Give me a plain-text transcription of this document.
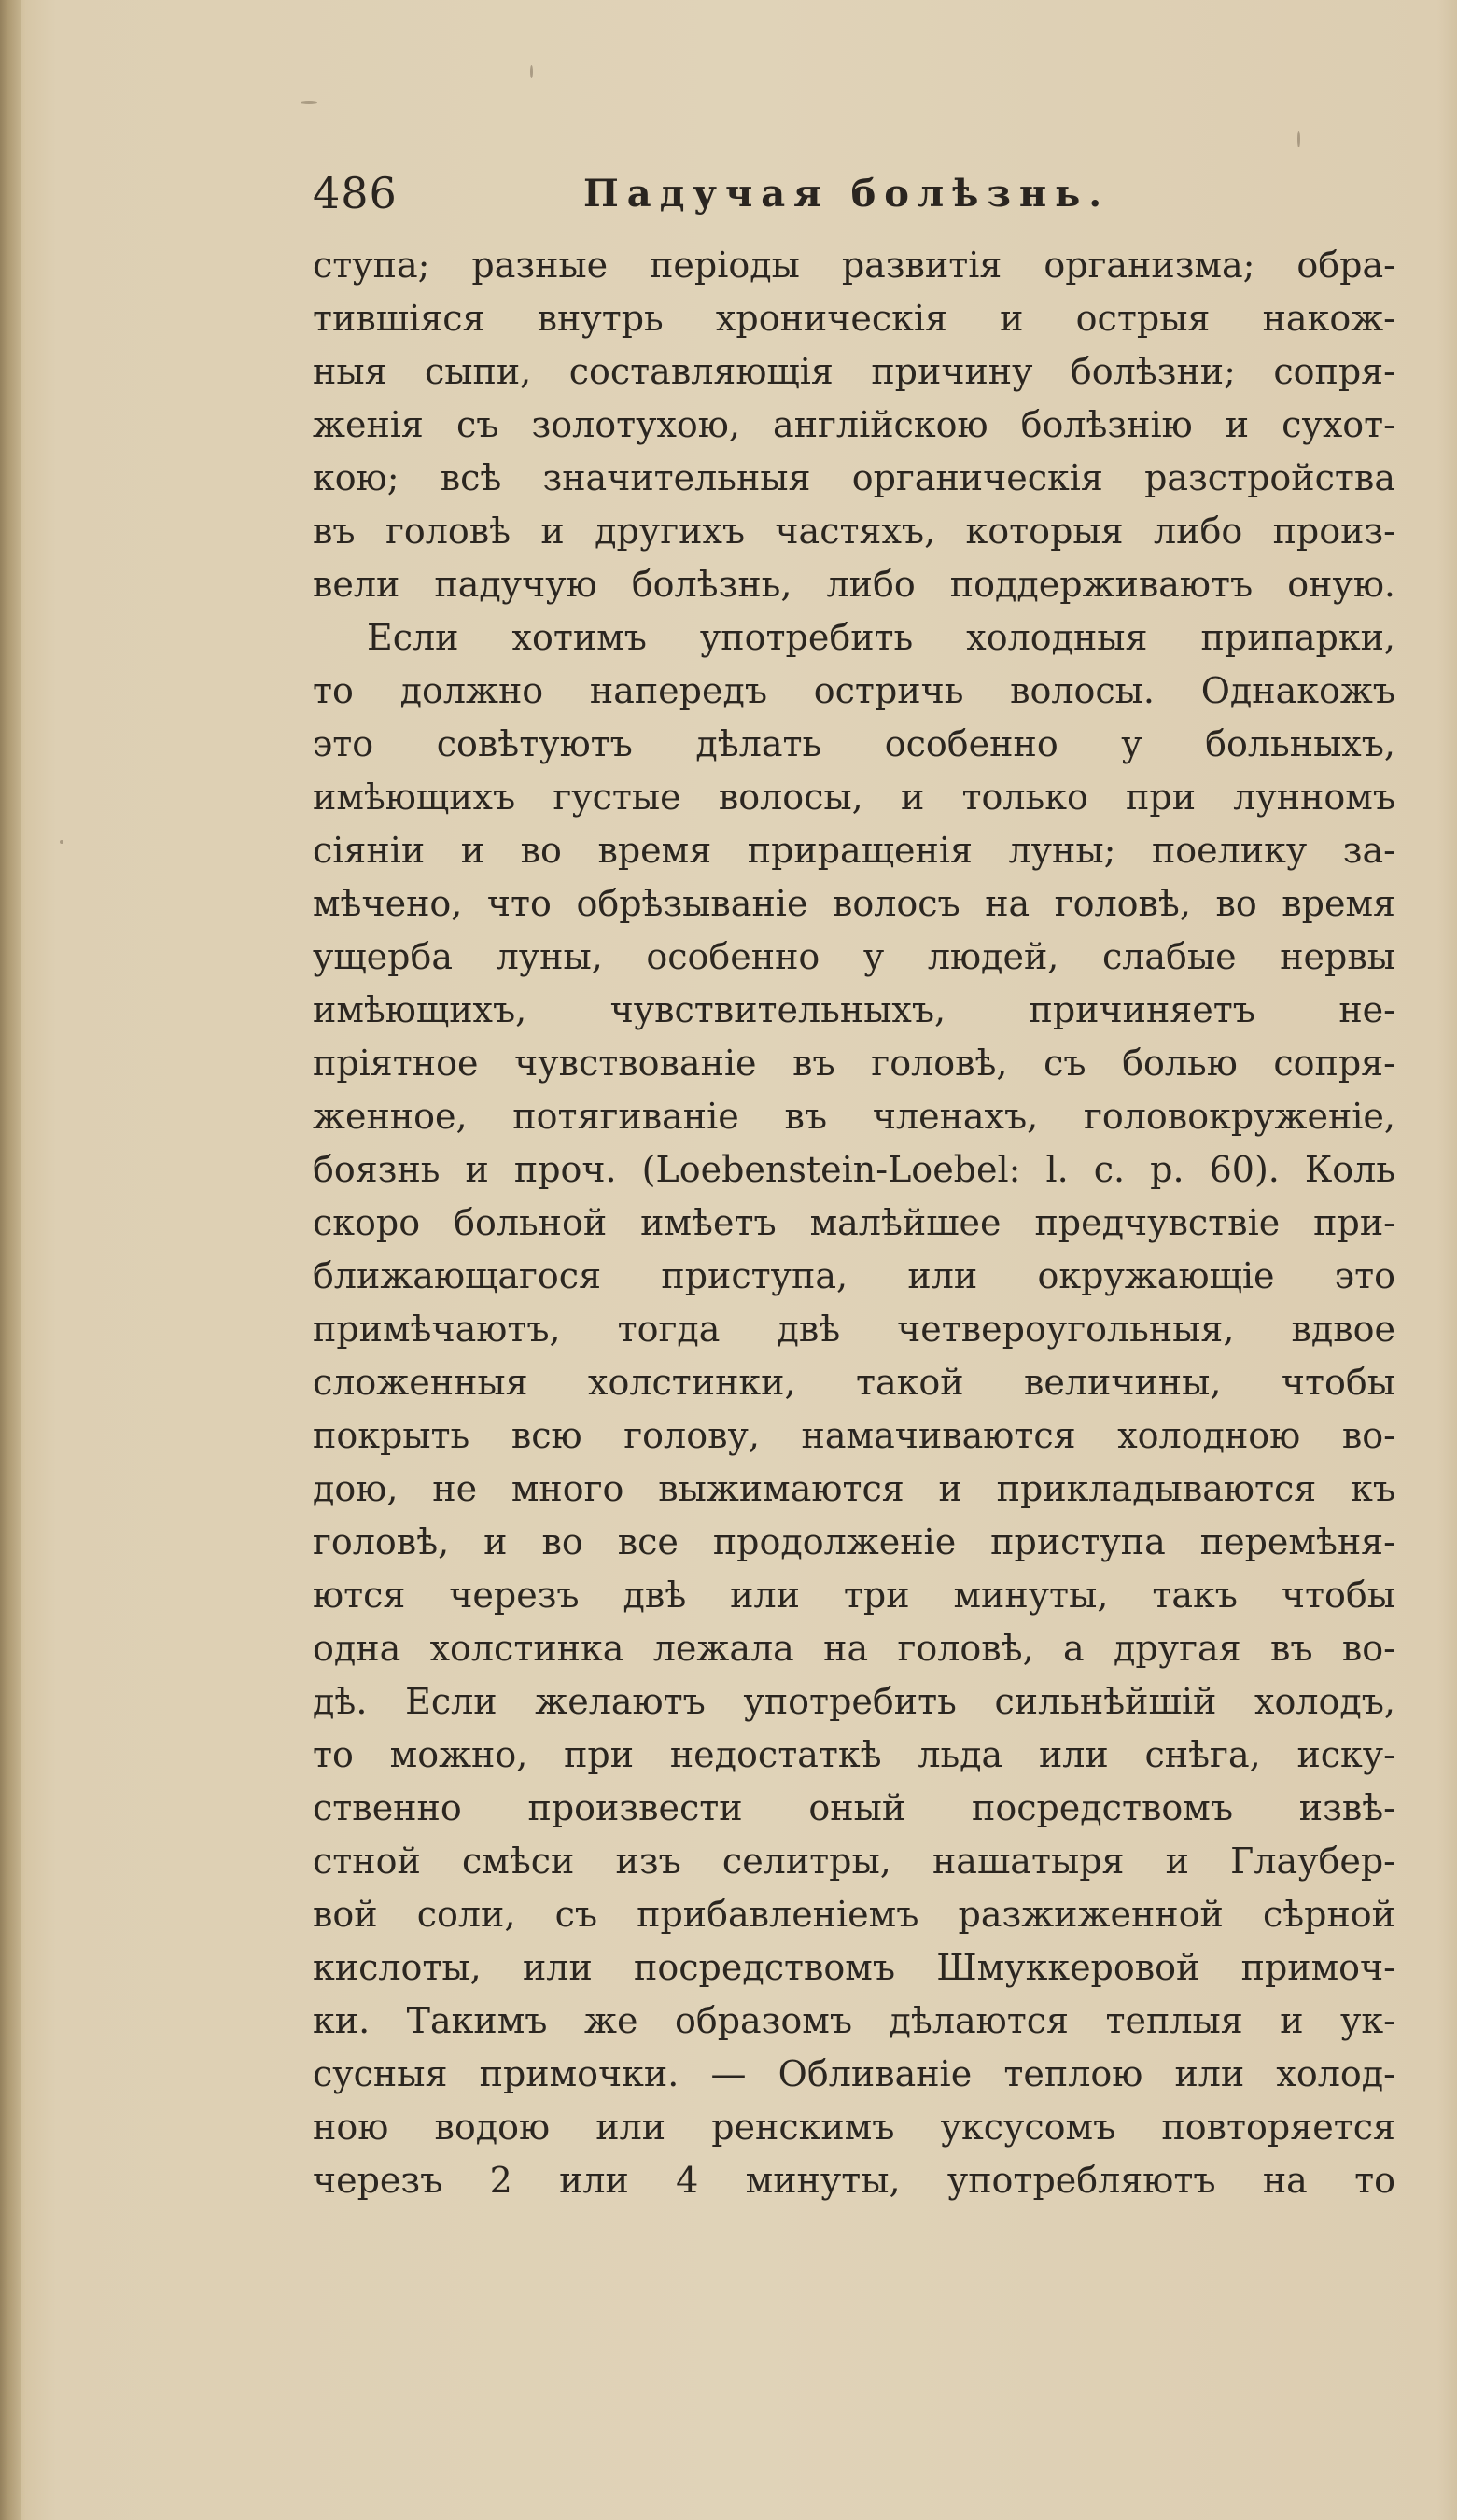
486	Падучая болѣзнь.
ступа; разные періоды развитія организма; обра-
тившіяся внутрь хроническія и острыя накож-
ныя сыпи, составляющія причину болѣзни; сопря-
женія съ золотухою, англійскою болѣзнію и сухот-
кою; всѣ значительныя органическія разстройства
въ головѣ и другихъ частяхъ, которыя либо произ-
вели падучую болѣзнь, либо поддерживаютъ оную.
Если хотимъ употребить холодныя припарки,
то должно напередъ остричь волосы. Однакожъ
это совѣтуютъ дѣлать особенно у больныхъ,
имѣющихъ густые волосы, и только при лунномъ
сіяніи и во время приращенія луны; поелику за-
мѣчено, что обрѣзываніе волосъ на головѣ, во время
ущерба луны, особенно у людей, слабые нервы
имѣющихъ, чувствительныхъ, причиняетъ не-
пріятное чувствованіе въ головѣ, съ болью сопря-
женное, потягиваніе въ членахъ, головокруженіе,
боязнь и проч. (Loebenstein-Loebel: l. c. p. 60). Коль
скоро больной имѣетъ малѣйшее предчувствіе при-
ближающагося приступа, или окружающіе это
примѣчаютъ, тогда двѣ четвероугольныя, вдвое
сложенныя холстинки, такой величины, чтобы
покрыть всю голову, намачиваются холодною во-
дою, не много выжимаются и прикладываются къ
головѣ, и во все продолженіе приступа перемѣня-
ются черезъ двѣ или три минуты, такъ чтобы
одна холстинка лежала на головѣ, а другая въ во-
дѣ. Если желаютъ употребить сильнѣйшій холодъ,
то можно, при недостаткѣ льда или снѣга, иску-
ственно произвести оный посредствомъ извѣ-
стной смѣси изъ селитры, нашатыря и Глаубер-
вой соли, съ прибавленіемъ разжиженной сѣрной
кислоты, или посредствомъ Шмуккеровой примоч-
ки. Такимъ же образомъ дѣлаются теплыя и ук-
сусныя примочки. — Обливаніе теплою или холод-
ною водою или ренскимъ уксусомъ повторяется
черезъ 2 или 4 минуты, употребляютъ на то
